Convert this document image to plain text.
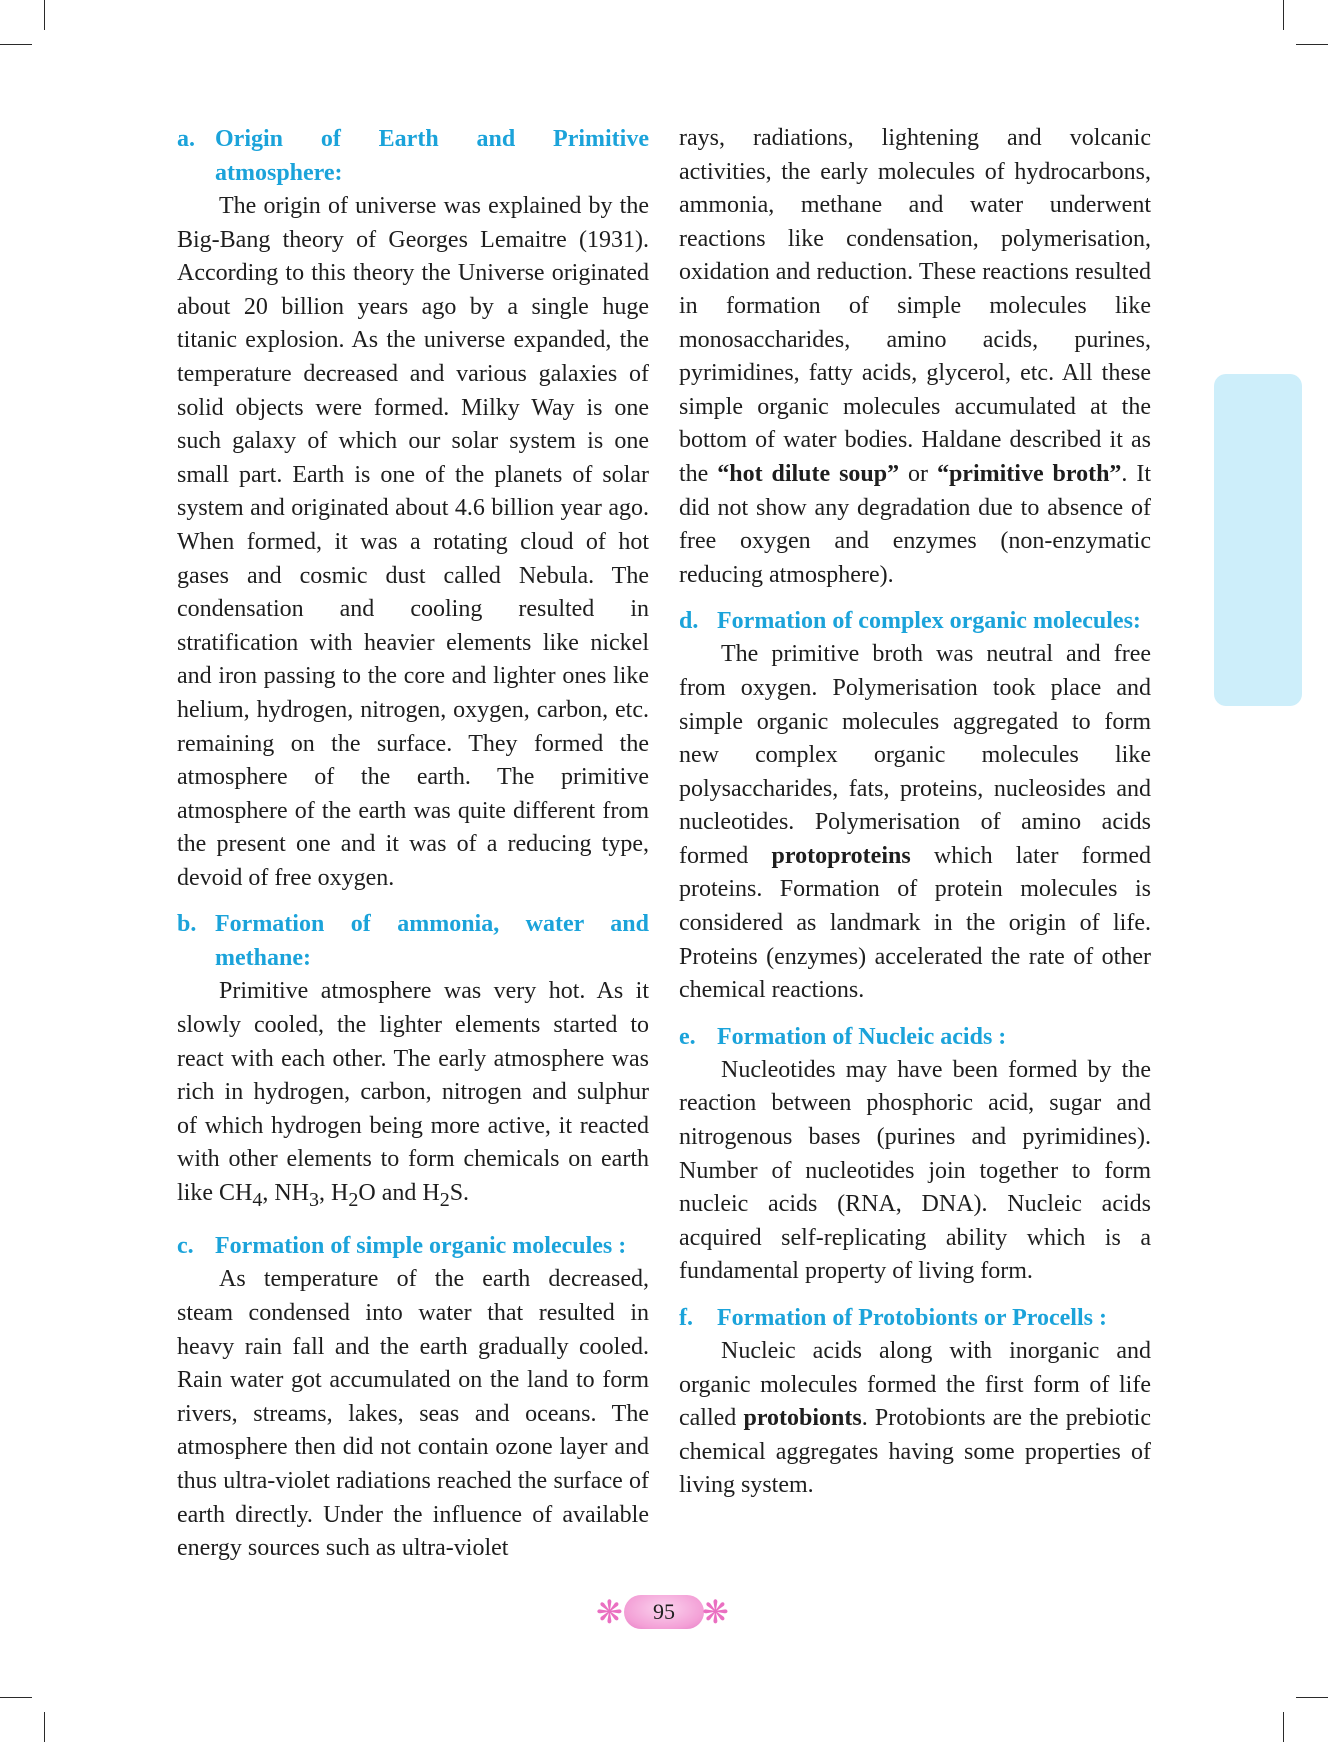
a. Origin of Earth and Primitive
atmosphere:

The origin of universe was explained by the Big-Bang theory of Georges Lemaitre (1931). According to this theory the Universe originated about 20 billion years ago by a single huge titanic explosion. As the universe expanded, the temperature decreased and various galaxies of solid objects were formed. Milky Way is one such galaxy of which our solar system is one small part. Earth is one of the planets of solar system and originated about 4.6 billion year ago. When formed, it was a rotating cloud of hot gases and cosmic dust called Nebula. The condensation and cooling resulted in stratification with heavier elements like nickel and iron passing to the core and lighter ones like helium, hydrogen, nitrogen, oxygen, carbon, etc. remaining on the surface. They formed the atmosphere of the earth. The primitive atmosphere of the earth was quite different from the present one and it was of a reducing type, devoid of free oxygen.

b. Formation of ammonia, water and
methane:

Primitive atmosphere was very hot. As it slowly cooled, the lighter elements started to react with each other. The early atmosphere was rich in hydrogen, carbon, nitrogen and sulphur of which hydrogen being more active, it reacted with other elements to form chemicals on earth like $CH_4$, $NH_3$, $H_2O$ and $H_2S$.

c. Formation of simple organic molecules :

As temperature of the earth decreased, steam condensed into water that resulted in heavy rain fall and the earth gradually cooled. Rain water got accumulated on the land to form rivers, streams, lakes, seas and oceans. The atmosphere then did not contain ozone layer and thus ultra-violet radiations reached the surface of earth directly. Under the influence of available energy sources such as ultra-violet

rays, radiations, lightening and volcanic activities, the early molecules of hydrocarbons, ammonia, methane and water underwent reactions like condensation, polymerisation, oxidation and reduction. These reactions resulted in formation of simple molecules like monosaccharides, amino acids, purines, pyrimidines, fatty acids, glycerol, etc. All these simple organic molecules accumulated at the bottom of water bodies. Haldane described it as the “hot dilute soup” or “primitive broth”. It did not show any degradation due to absence of free oxygen and enzymes (non-enzymatic reducing atmosphere).

d. Formation of complex organic molecules:

The primitive broth was neutral and free from oxygen. Polymerisation took place and simple organic molecules aggregated to form new complex organic molecules like polysaccharides, fats, proteins, nucleosides and nucleotides. Polymerisation of amino acids formed protoproteins which later formed proteins. Formation of protein molecules is considered as landmark in the origin of life. Proteins (enzymes) accelerated the rate of other chemical reactions.

e. Formation of Nucleic acids :

Nucleotides may have been formed by the reaction between phosphoric acid, sugar and nitrogenous bases (purines and pyrimidines). Number of nucleotides join together to form nucleic acids (RNA, DNA). Nucleic acids acquired self-replicating ability which is a fundamental property of living form.

f. Formation of Protobionts or Procells :

Nucleic acids along with inorganic and organic molecules formed the first form of life called protobionts. Protobionts are the prebiotic chemical aggregates having some properties of living system.

❋	95 ❋
